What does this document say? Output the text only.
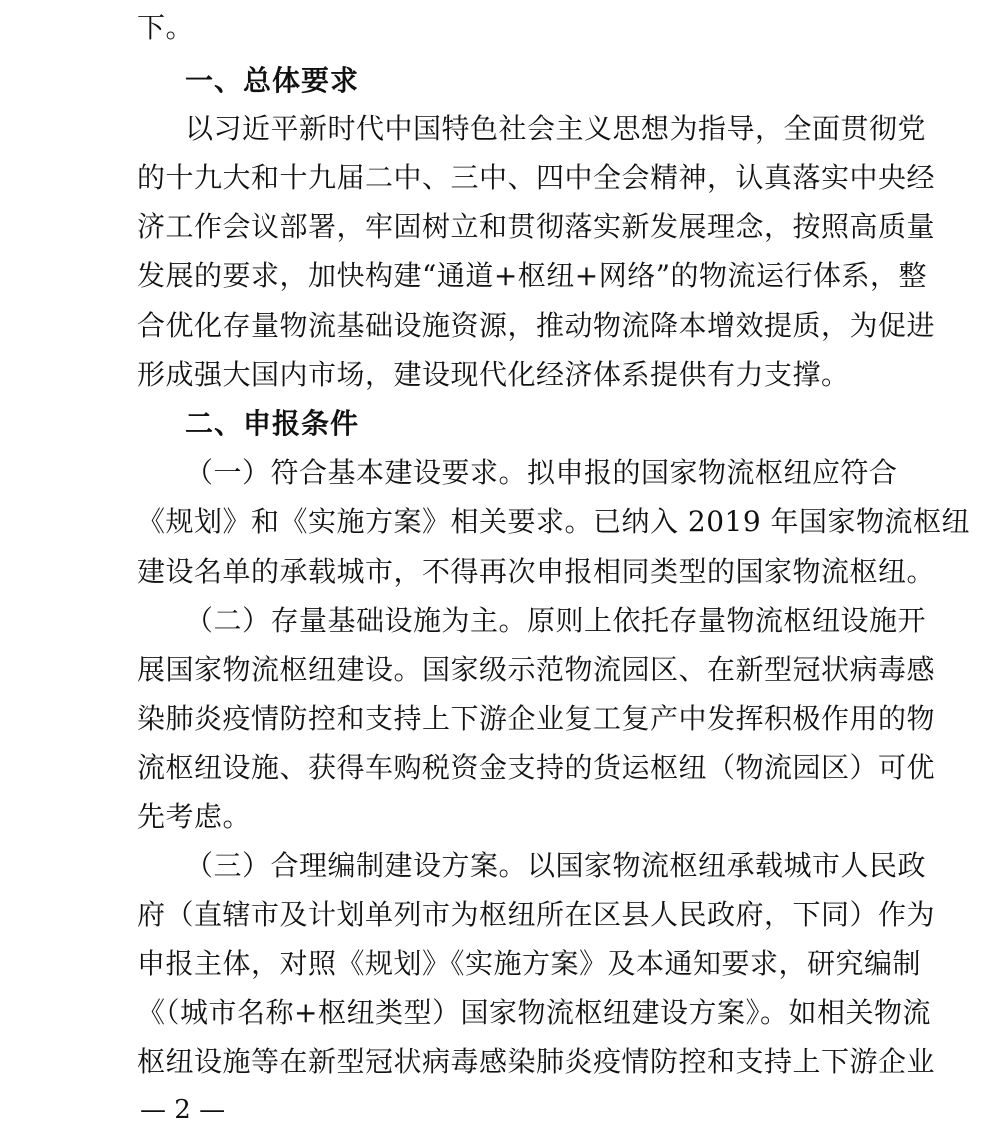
下。
一、总体要求
以习近平新时代中国特色社会主义思想为指导，全面贯彻党
的十九大和十九届二中、三中、四中全会精神，认真落实中央经
济工作会议部署，牢固树立和贯彻落实新发展理念，按照高质量
发展的要求，加快构建“通道+枢纽+网络”的物流运行体系，整
合优化存量物流基础设施资源，推动物流降本增效提质，为促进
形成强大国内市场，建设现代化经济体系提供有力支撑。
二、申报条件
（一）符合基本建设要求。拟申报的国家物流枢纽应符合
《规划》和《实施方案》相关要求。已纳入 2019 年国家物流枢纽
建设名单的承载城市，不得再次申报相同类型的国家物流枢纽。
（二）存量基础设施为主。原则上依托存量物流枢纽设施开
展国家物流枢纽建设。国家级示范物流园区、在新型冠状病毒感
染肺炎疫情防控和支持上下游企业复工复产中发挥积极作用的物
流枢纽设施、获得车购税资金支持的货运枢纽（物流园区）可优
先考虑。
（三）合理编制建设方案。以国家物流枢纽承载城市人民政
府（直辖市及计划单列市为枢纽所在区县人民政府，下同）作为
申报主体，对照《规划》《实施方案》及本通知要求，研究编制
《（城市名称+枢纽类型）国家物流枢纽建设方案》。如相关物流
枢纽设施等在新型冠状病毒感染肺炎疫情防控和支持上下游企业
— 2 —
